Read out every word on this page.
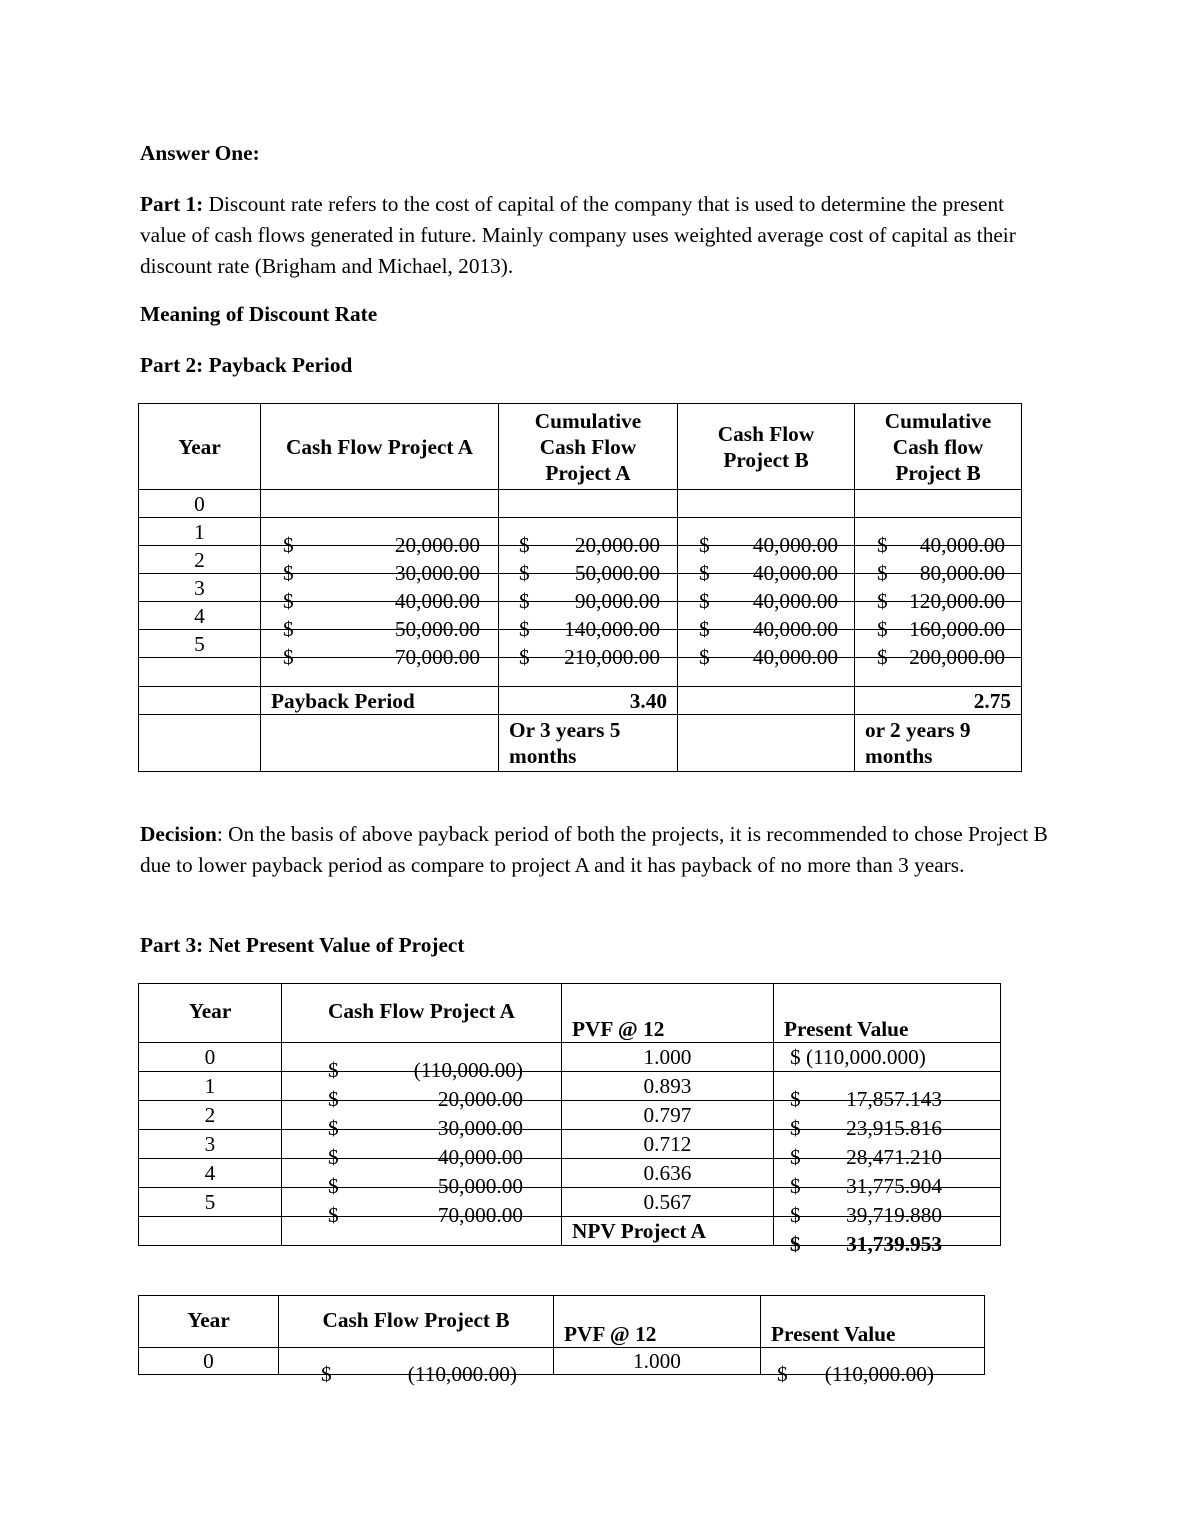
Answer One:
Part 1: Discount rate refers to the cost of capital of the company that is used to determine the present value of cash flows generated in future. Mainly company uses weighted average cost of capital as their discount rate (Brigham and Michael, 2013).
Meaning of Discount Rate
Part 2: Payback Period
Year	Cash Flow Project A	Cumulative Cash Flow Project A	Cash Flow Project B	Cumulative Cash flow Project B
0				
1	$ 20,000.00	$ 20,000.00	$ 40,000.00	$ 40,000.00

2	$ 30,000.00	$ 50,000.00	$ 40,000.00	$ 80,000.00

3	$ 40,000.00	$ 90,000.00	$ 40,000.00	$ 120,000.00

4	$ 50,000.00	$ 140,000.00	$ 40,000.00	$ 160,000.00

5	$ 70,000.00	$ 210,000.00	$ 40,000.00	$ 200,000.00

	Payback Period	3.40		2.75
		Or 3 years 5 months		or 2 years 9 months
Decision: On the basis of above payback period of both the projects, it is recommended to chose Project B due to lower payback period as compare to project A and it has payback of no more than 3 years.
Part 3: Net Present Value of Project
Year	Cash Flow Project A	PVF @ 12	Present Value
0	$ (110,000.00)	1.000	$ (110,000.000)
1	$ 20,000.00	0.893	$ 17,857.143

2	$ 30,000.00	0.797	$ 23,915.816

3	$ 40,000.00	0.712	$ 28,471.210

4	$ 50,000.00	0.636	$ 31,775.904

5	$ 70,000.00	0.567	$ 39,719.880

		NPV Project A	$ 31,739.953
Year	Cash Flow Project B	PVF @ 12	Present Value
0	$ (110,000.00)	1.000	$ (110,000.00)
